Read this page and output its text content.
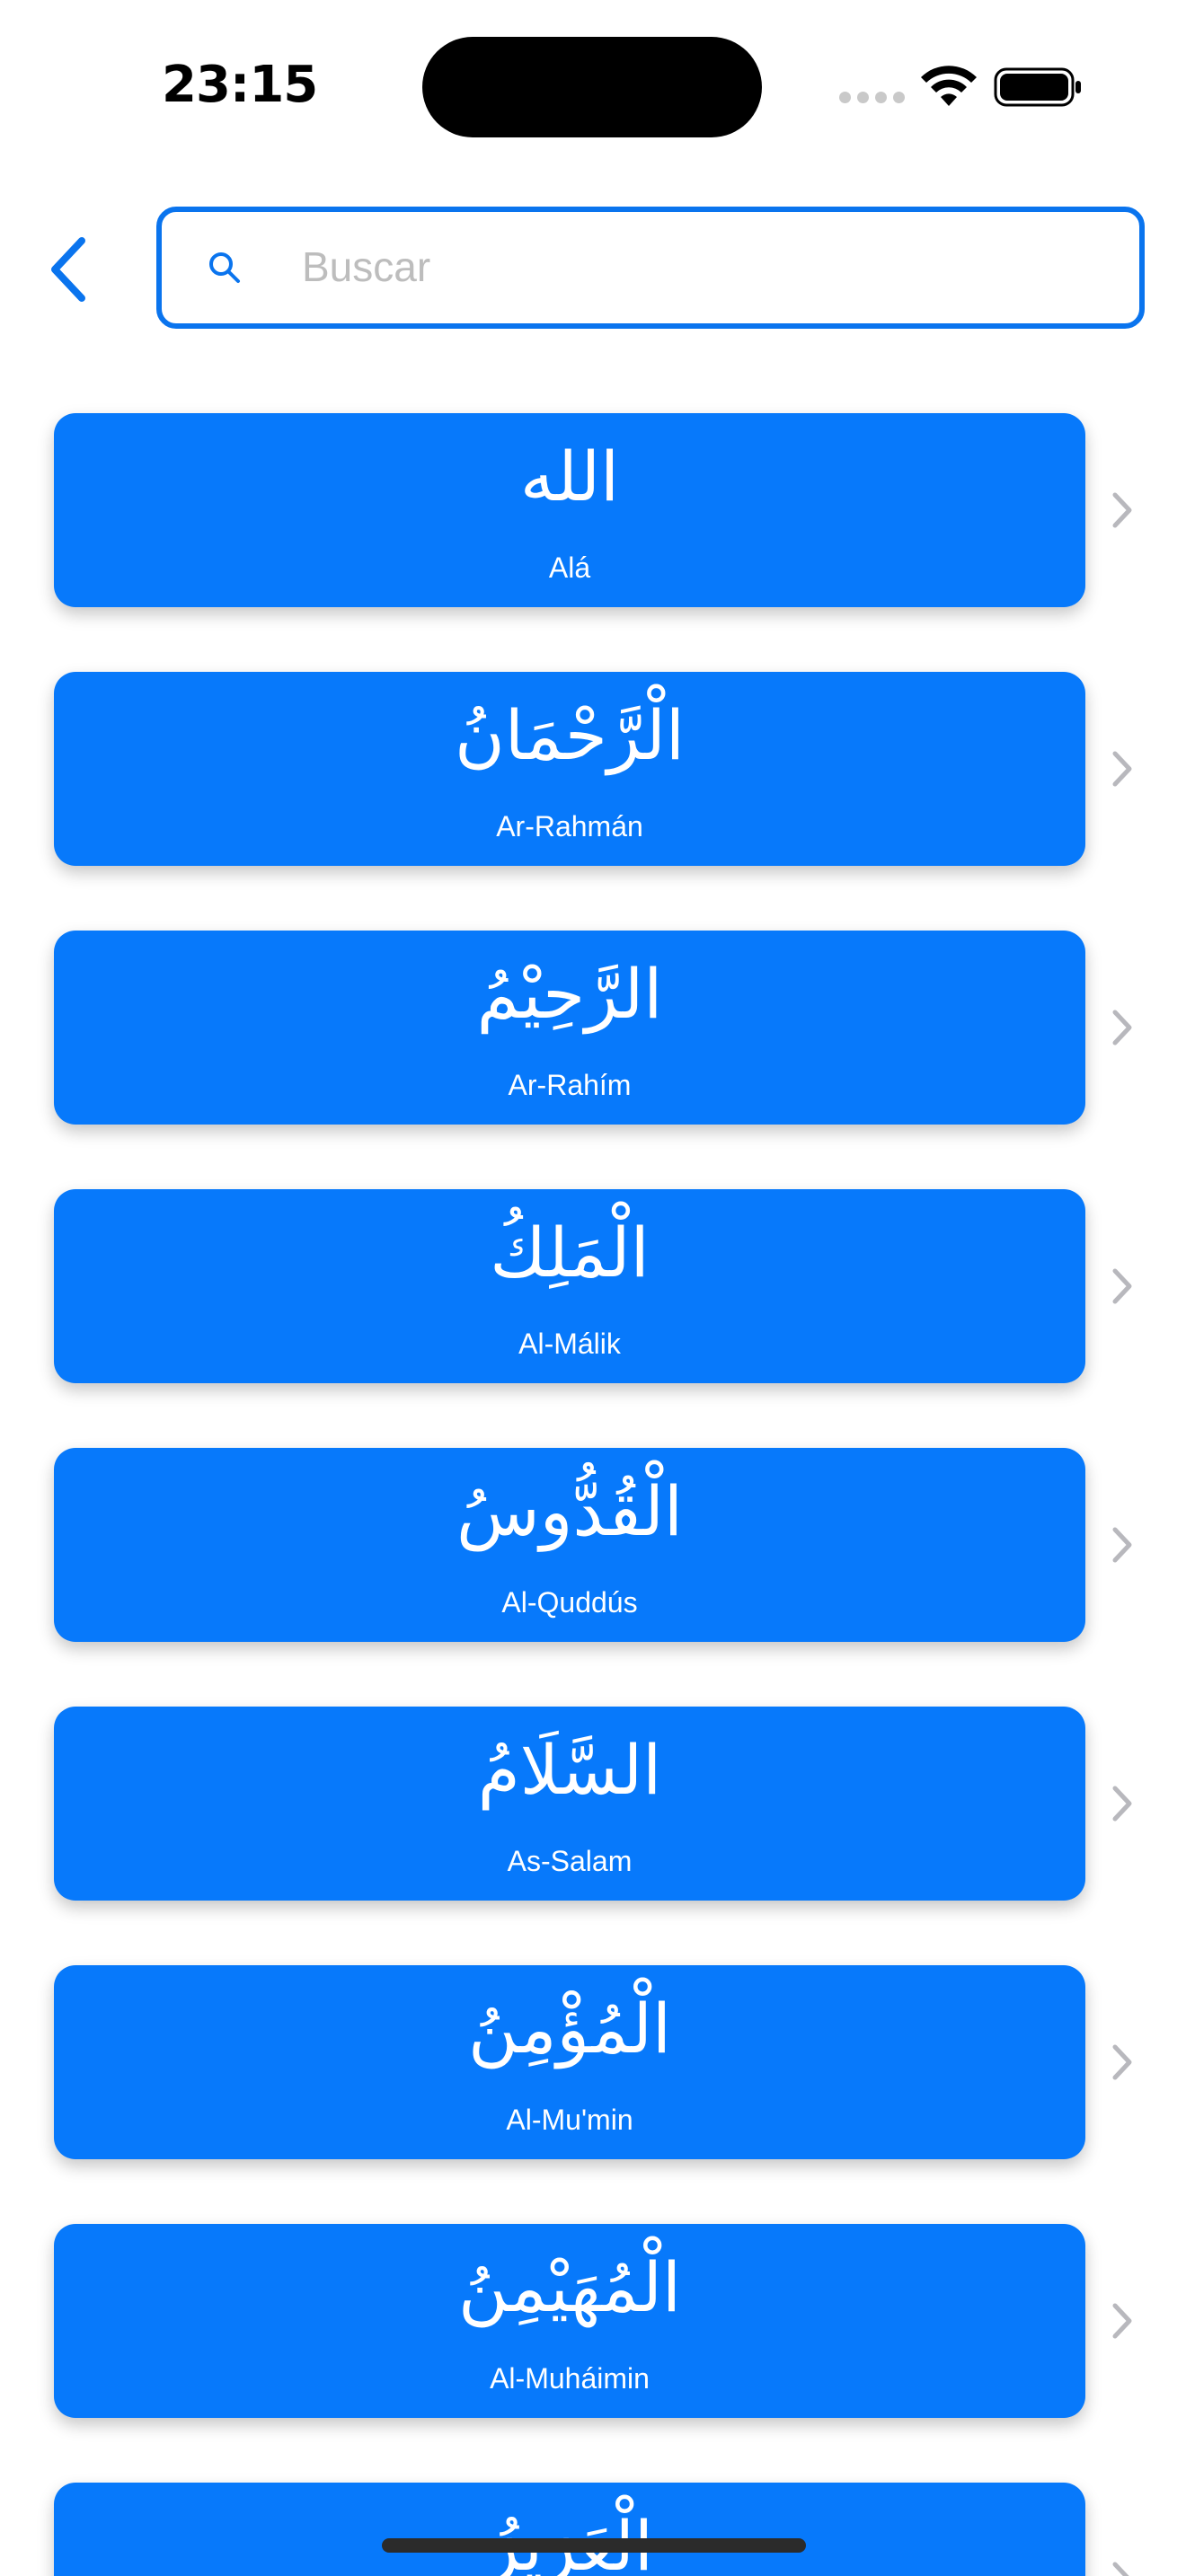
23:15
Buscar
الله
Alá
الْرَّحْمَانُ
Ar-Rahmán
الرَّحِيْمُ
Ar-Rahím
الْمَلِكُ
Al-Málik
الْقُدُّوسُ
Al-Quddús
السَّلَامُ
As-Salam
الْمُؤْمِنُ
Al-Mu'min
الْمُهَيْمِنُ
Al-Muháimin
